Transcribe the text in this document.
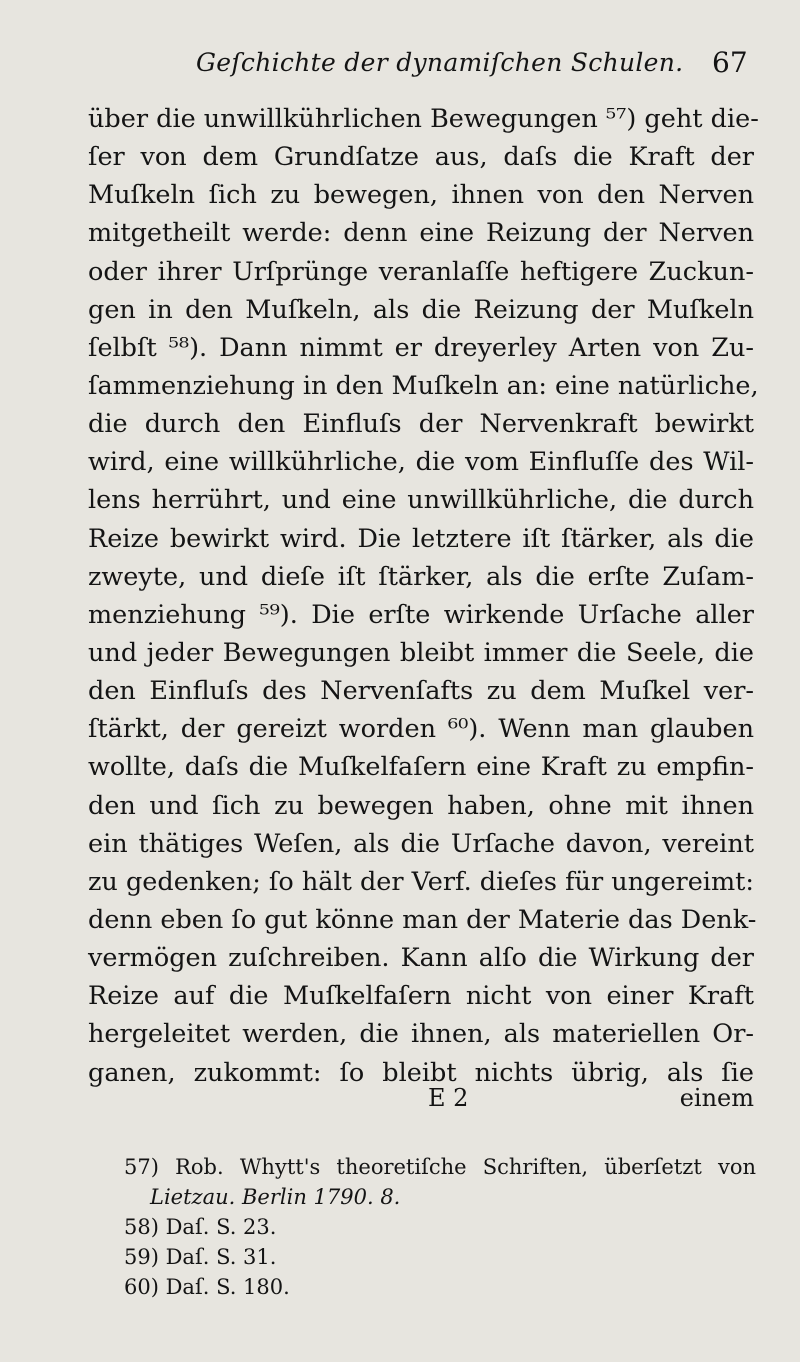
Geſchichte der dynamiſchen Schulen. 67
über die unwillkührlichen Bewegungen ⁵⁷) geht die-
ſer von dem Grundſatze aus, daſs die Kraft der
Muſkeln ſich zu bewegen, ihnen von den Nerven
mitgetheilt werde: denn eine Reizung der Nerven
oder ihrer Urſprünge veranlaſſe heftigere Zuckun-
gen in den Muſkeln, als die Reizung der Muſkeln
ſelbſt ⁵⁸). Dann nimmt er dreyerley Arten von Zu-
ſammenziehung in den Muſkeln an: eine natürliche,
die durch den Einfluſs der Nervenkraft bewirkt
wird, eine willkührliche, die vom Einfluſſe des Wil-
lens herrührt, und eine unwillkührliche, die durch
Reize bewirkt wird. Die letztere iſt ſtärker, als die
zweyte, und dieſe iſt ſtärker, als die erſte Zuſam-
menziehung ⁵⁹). Die erſte wirkende Urſache aller
und jeder Bewegungen bleibt immer die Seele, die
den Einfluſs des Nervenſafts zu dem Muſkel ver-
ſtärkt, der gereizt worden ⁶⁰). Wenn man glauben
wollte, daſs die Muſkelfaſern eine Kraft zu empfin-
den und ſich zu bewegen haben, ohne mit ihnen
ein thätiges Weſen, als die Urſache davon, vereint
zu gedenken; ſo hält der Verf. dieſes für ungereimt:
denn eben ſo gut könne man der Materie das Denk-
vermögen zuſchreiben. Kann alſo die Wirkung der
Reize auf die Muſkelfaſern nicht von einer Kraft
hergeleitet werden, die ihnen, als materiellen Or-
ganen, zukommt: ſo bleibt nichts übrig, als ſie
E 2	einem
57) Rob. Whytt's theoretiſche Schriften, überſetzt von
Lietzau. Berlin 1790. 8.
58) Daſ. S. 23.
59) Daſ. S. 31.
60) Daſ. S. 180.
